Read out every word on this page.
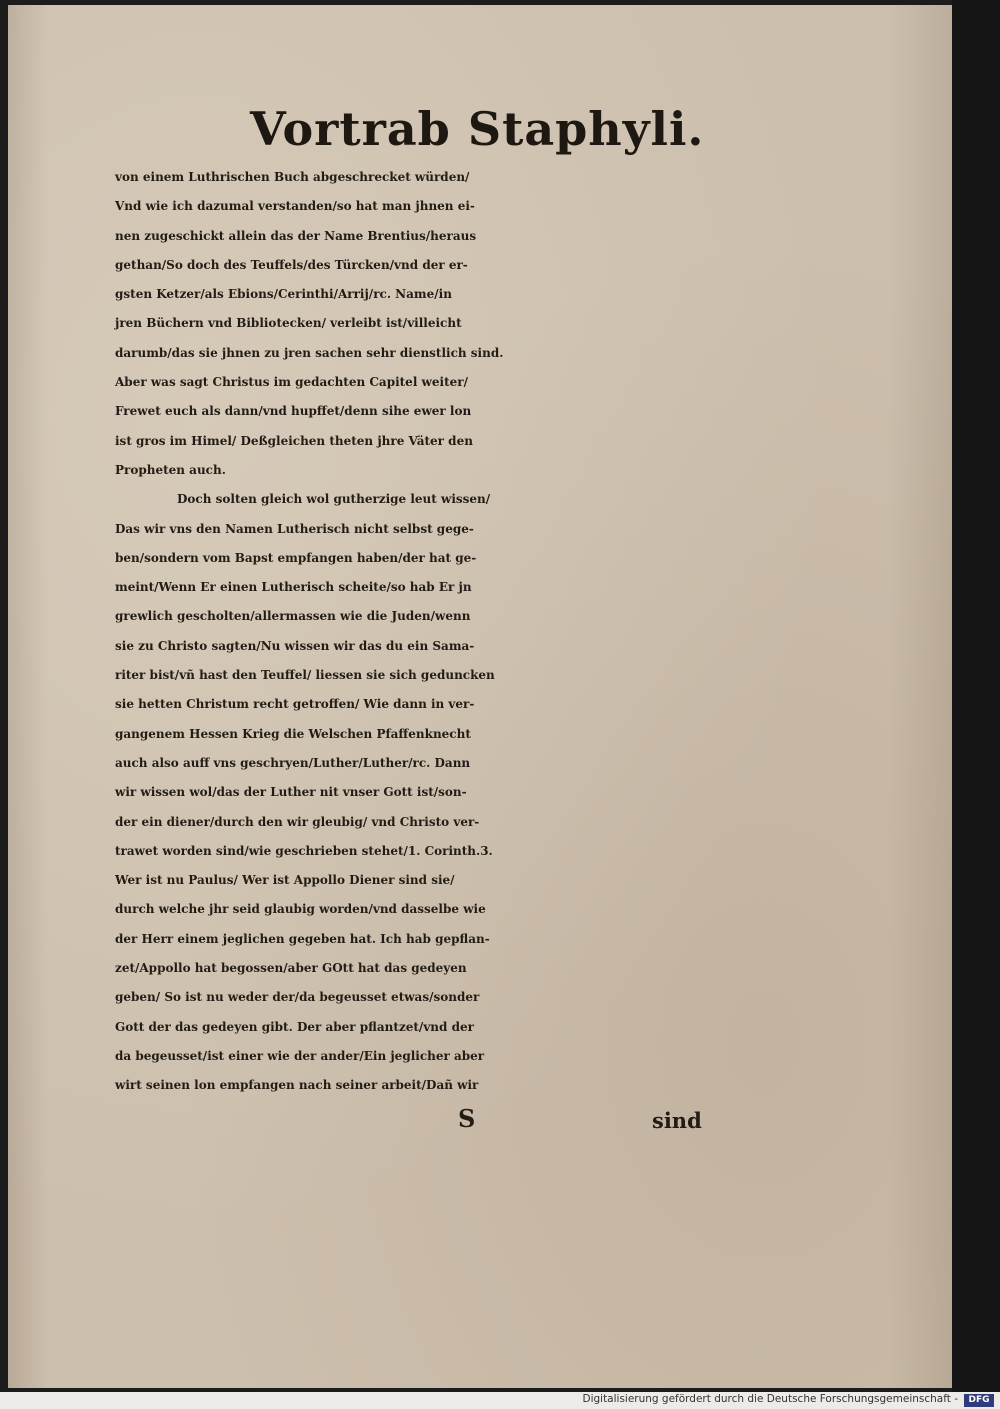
Vortrab Staphyli.
von einem Luthrischen Buch abgeschrecket würden/
Vnd wie ich dazumal verstanden/so hat man jhnen ei-
nen zugeschickt allein das der Name Brentius/heraus
gethan/So doch des Teuffels/des Türcken/vnd der er-
gsten Ketzer/als Ebions/Cerinthi/Arrij/rc. Name/in
jren Büchern vnd Bibliotecken/ verleibt ist/villeicht
darumb/das sie jhnen zu jren sachen sehr dienstlich sind.
Aber was sagt Christus im gedachten Capitel weiter/
Frewet euch als dann/vnd hupffet/denn sihe ewer lon
ist gros im Himel/ Deßgleichen theten jhre Väter den
Propheten auch.
Doch solten gleich wol gutherzige leut wissen/
Das wir vns den Namen Lutherisch nicht selbst gege-
ben/sondern vom Bapst empfangen haben/der hat ge-
meint/Wenn Er einen Lutherisch scheite/so hab Er jn
grewlich gescholten/allermassen wie die Juden/wenn
sie zu Christo sagten/Nu wissen wir das du ein Sama-
riter bist/vñ hast den Teuffel/ liessen sie sich geduncken
sie hetten Christum recht getroffen/ Wie dann in ver-
gangenem Hessen Krieg die Welschen Pfaffenknecht
auch also auff vns geschryen/Luther/Luther/rc. Dann
wir wissen wol/das der Luther nit vnser Gott ist/son-
der ein diener/durch den wir gleubig/ vnd Christo ver-
trawet worden sind/wie geschrieben stehet/1. Corinth.3.
Wer ist nu Paulus/ Wer ist Appollo Diener sind sie/
durch welche jhr seid glaubig worden/vnd dasselbe wie
der Herr einem jeglichen gegeben hat. Ich hab gepflan-
zet/Appollo hat begossen/aber GOtt hat das gedeyen
geben/ So ist nu weder der/da begeusset etwas/sonder
Gott der das gedeyen gibt. Der aber pflantzet/vnd der
da begeusset/ist einer wie der ander/Ein jeglicher aber
wirt seinen lon empfangen nach seiner arbeit/Dañ wir
S	sind
Digitalisierung gefördert durch die Deutsche Forschungsgemeinschaft -	DFG
